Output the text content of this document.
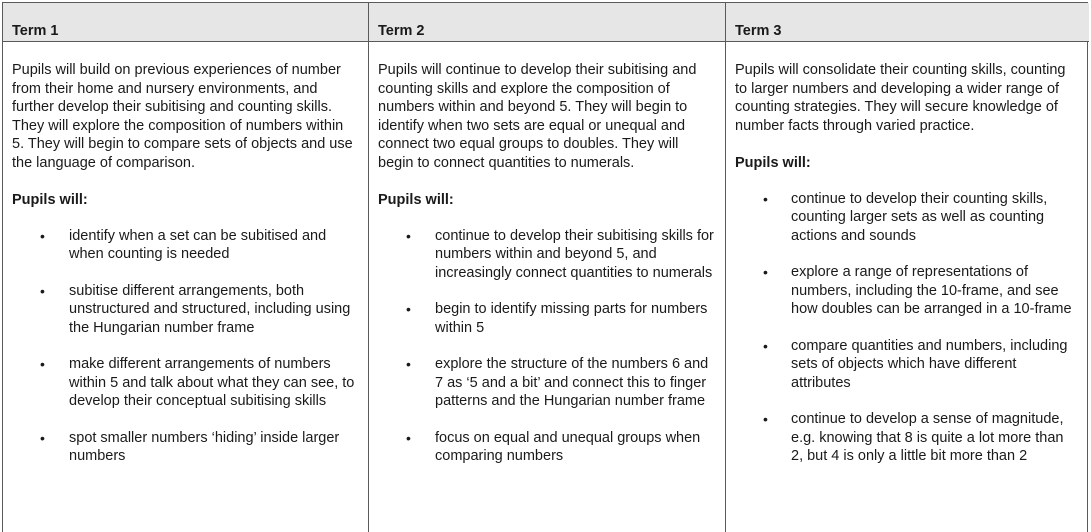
Term 1	Term 2	Term 3

Pupils will build on previous experiences of number from their home and nursery environments, and further develop their subitising and counting skills. They will explore the composition of numbers within 5. They will begin to compare sets of objects and use the language of comparison.

Pupils will:
• identify when a set can be subitised and when counting is needed
• subitise different arrangements, both unstructured and structured, including using the Hungarian number frame
• make different arrangements of numbers within 5 and talk about what they can see, to develop their conceptual subitising skills
• spot smaller numbers ‘hiding’ inside larger numbers

Pupils will continue to develop their subitising and counting skills and explore the composition of numbers within and beyond 5. They will begin to identify when two sets are equal or unequal and connect two equal groups to doubles. They will begin to connect quantities to numerals.

Pupils will:
• continue to develop their subitising skills for numbers within and beyond 5, and increasingly connect quantities to numerals
• begin to identify missing parts for numbers within 5
• explore the structure of the numbers 6 and 7 as ‘5 and a bit’ and connect this to finger patterns and the Hungarian number frame
• focus on equal and unequal groups when comparing numbers

Pupils will consolidate their counting skills, counting to larger numbers and developing a wider range of counting strategies. They will secure knowledge of number facts through varied practice.

Pupils will:
• continue to develop their counting skills, counting larger sets as well as counting actions and sounds
• explore a range of representations of numbers, including the 10-frame, and see how doubles can be arranged in a 10-frame
• compare quantities and numbers, including sets of objects which have different attributes
• continue to develop a sense of magnitude, e.g. knowing that 8 is quite a lot more than 2, but 4 is only a little bit more than 2
